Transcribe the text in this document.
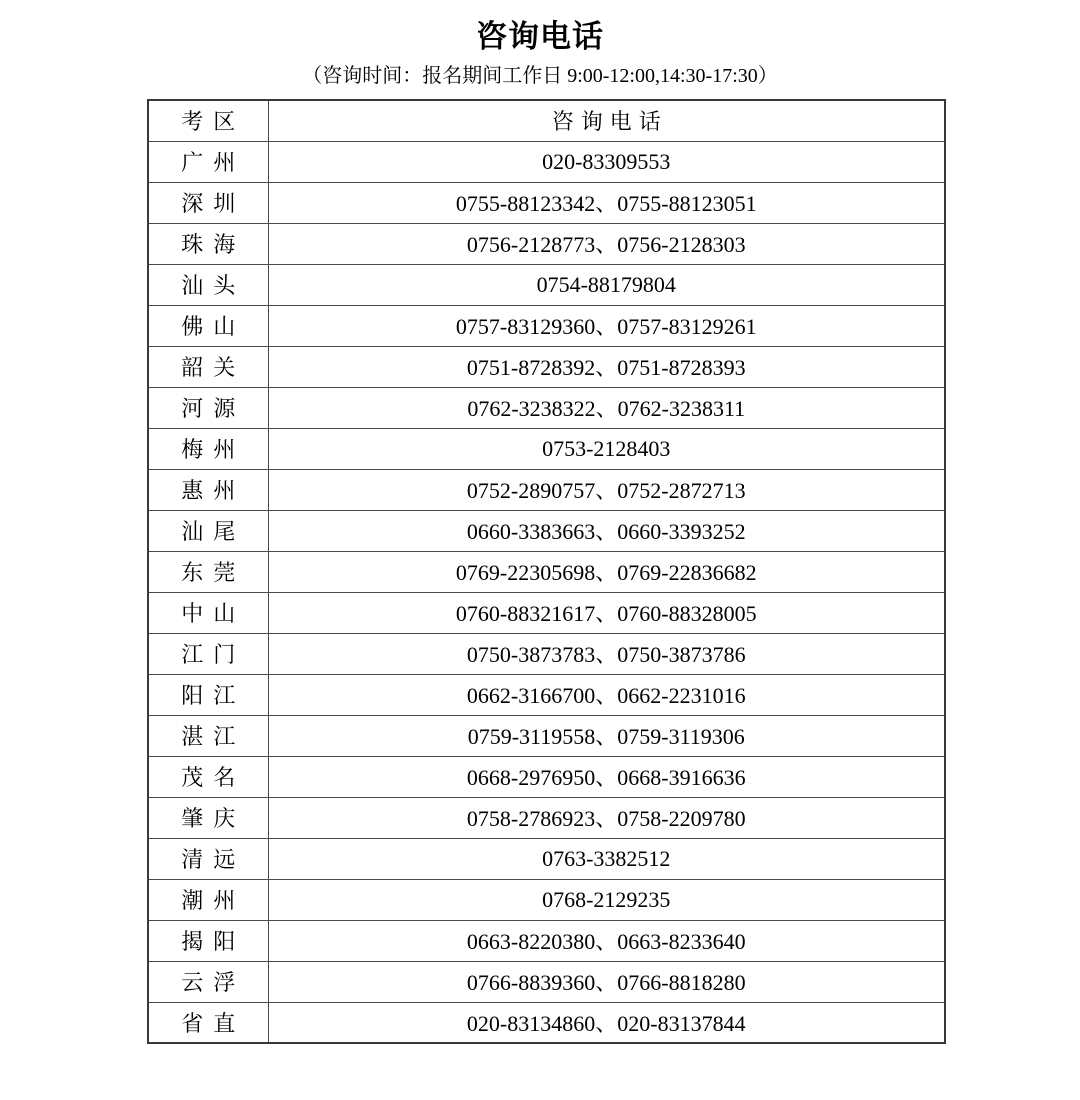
咨询电话
（咨询时间：报名期间工作日 9:00-12:00,14:30-17:30）
考区	咨询电话
广州	020-83309553
深圳	0755-88123342、0755-88123051
珠海	0756-2128773、0756-2128303
汕头	0754-88179804
佛山	0757-83129360、0757-83129261
韶关	0751-8728392、0751-8728393
河源	0762-3238322、0762-3238311
梅州	0753-2128403
惠州	0752-2890757、0752-2872713
汕尾	0660-3383663、0660-3393252
东莞	0769-22305698、0769-22836682
中山	0760-88321617、0760-88328005
江门	0750-3873783、0750-3873786
阳江	0662-3166700、0662-2231016
湛江	0759-3119558、0759-3119306
茂名	0668-2976950、0668-3916636
肇庆	0758-2786923、0758-2209780
清远	0763-3382512
潮州	0768-2129235
揭阳	0663-8220380、0663-8233640
云浮	0766-8839360、0766-8818280
省直	020-83134860、020-83137844
